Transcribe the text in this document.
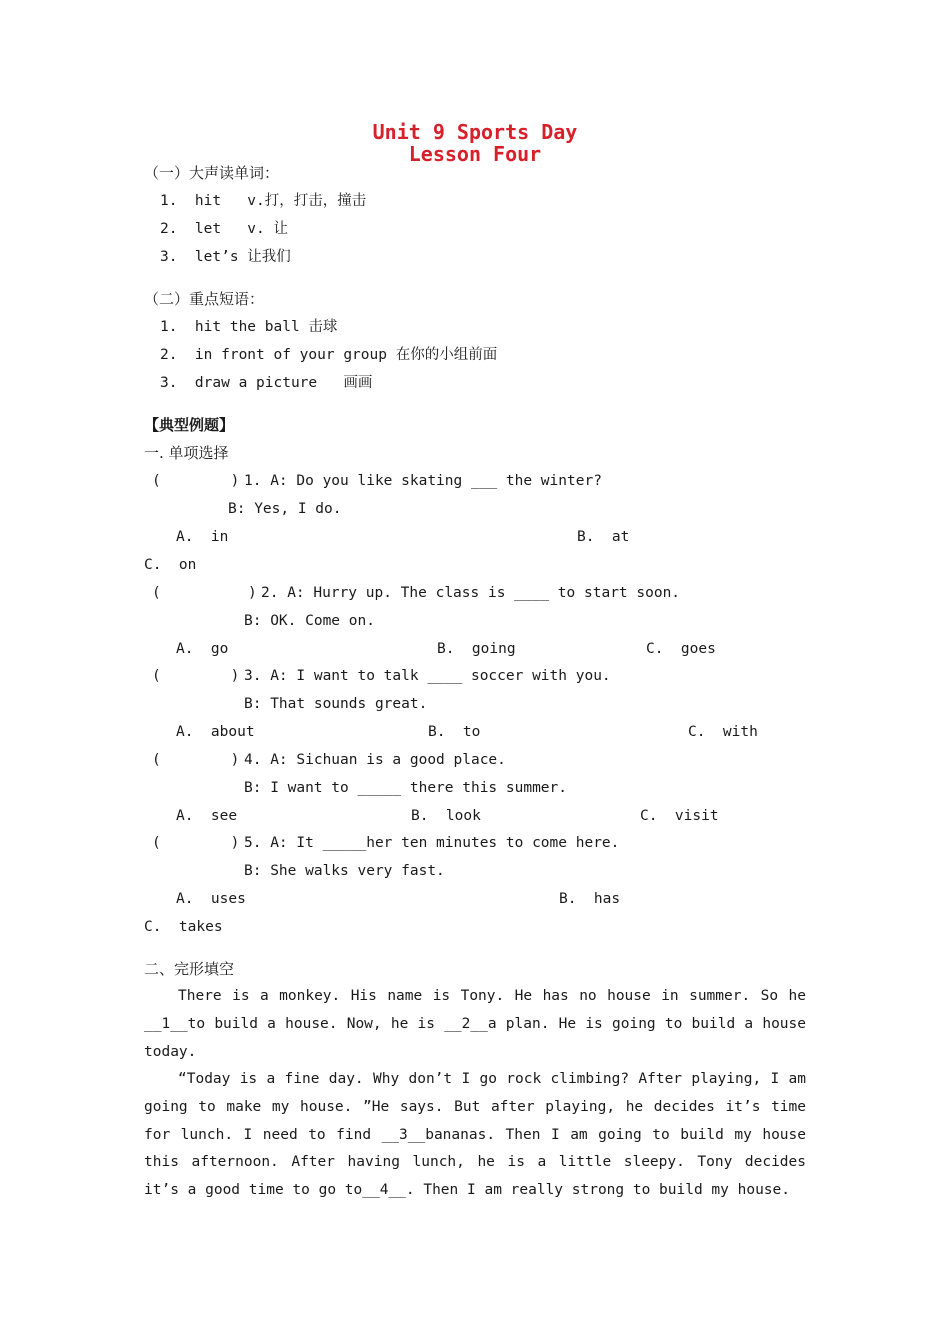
Unit 9 Sports Day
Lesson Four
（一）大声读单词：
1.  hit   v.打，打击，撞击
2.  let   v. 让
3.  let’s 让我们
（二）重点短语：
1.  hit the ball 击球
2.  in front of your group 在你的小组前面
3.  draw a picture   画画
【典型例题】
一. 单项选择
(        ) 1. A: Do you like skating ___ the winter?
B: Yes, I do.
A.  in	B.  at
C.  on
(          ) 2. A: Hurry up. The class is ____ to start soon.
B: OK. Come on.
A.  go	B.  going	C.  goes
(        ) 3. A: I want to talk ____ soccer with you.
B: That sounds great.
A.  about	B.  to	C.  with
(        ) 4. A: Sichuan is a good place.
B: I want to _____ there this summer.
A.  see	B.  look	C.  visit
(        ) 5. A: It _____her ten minutes to come here.
B: She walks very fast.
A.  uses	B.  has
C.  takes
二、完形填空
There is a monkey. His name is Tony. He has no house in summer. So he __1__to build a house. Now, he is __2__a plan. He is going to build a house today.
“Today is a fine day. Why don’t I go rock climbing? After playing, I am going to make my house. ”He says. But after playing, he decides it’s time for lunch. I need to find __3__bananas. Then I am going to build my house this afternoon. After having lunch, he is a little sleepy. Tony decides it’s a good time to go to__4__. Then I am really strong to build my house.
